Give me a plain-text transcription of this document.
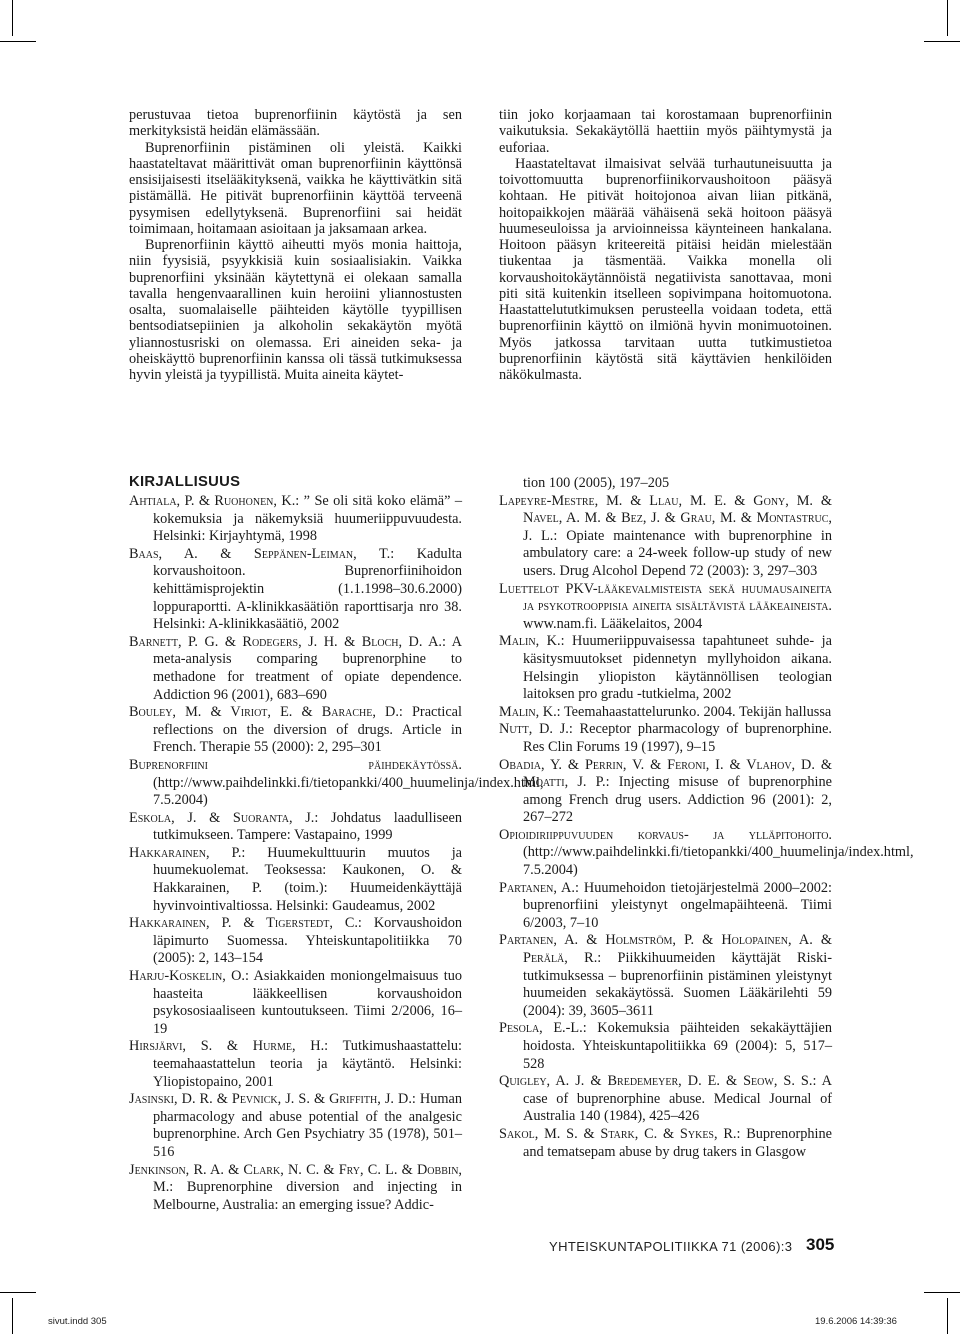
perustuvaa tietoa buprenorfiinin käytöstä ja sen merkityksistä heidän elämässään.

Buprenorfiinin pistäminen oli yleistä. Kaikki haastateltavat määrittivät oman buprenorfiinin käyttönsä ensisijaisesti itselääkityksenä, vaikka he käyttivätkin sitä pistämällä. He pitivät buprenorfiinin käyttöä terveenä pysymisen edellytyksenä. Buprenorfiini sai heidät toimimaan, hoitamaan asioitaan ja jaksamaan arkea.

Buprenorfiinin käyttö aiheutti myös monia haittoja, niin fyysisiä, psyykkisiä kuin sosiaalisiakin. Vaikka buprenorfiini yksinään käytettynä ei olekaan samalla tavalla hengenvaarallinen kuin heroiini yliannostusten osalta, suomalaiselle päihteiden käytölle tyypillisen bentsodiatsepiinien ja alkoholin sekakäytön myötä yliannostusriski on olemassa. Eri aineiden seka- ja oheiskäyttö buprenorfiinin kanssa oli tässä tutkimuksessa hyvin yleistä ja tyypillistä. Muita aineita käytet-

tiin joko korjaamaan tai korostamaan buprenorfiinin vaikutuksia. Sekakäytöllä haettiin myös päihtymystä ja euforiaa.

Haastateltavat ilmaisivat selvää turhautuneisuutta ja toivottomuutta buprenorfiinikorvaushoitoon pääsyä kohtaan. He pitivät hoitojonoa aivan liian pitkänä, hoitopaikkojen määrää vähäisenä sekä hoitoon pääsyä huumeseuloissa ja arvioinneissa käynteineen hankalana. Hoitoon pääsyn kriteereitä pitäisi heidän mielestään tiukentaa ja täsmentää. Vaikka monella oli korvaushoitokäytännöistä negatiivista sanottavaa, moni piti sitä kuitenkin itselleen sopivimpana hoitomuotona. Haastattelututkimuksen perusteella voidaan todeta, että buprenorfiinin käyttö on ilmiönä hyvin monimuotoinen. Myös jatkossa tarvitaan uutta tutkimustietoa buprenorfiinin käytöstä sitä käyttävien henkilöiden näkökulmasta.

KIRJALLISUUS
Ahtiala, P. & Ruohonen, K.: ” Se oli sitä koko elämä” – kokemuksia ja näkemyksiä huumeriippuvuudesta. Helsinki: Kirjayhtymä, 1998
Baas, A. & Seppänen-Leiman, T.: Kadulta korvaushoitoon. Buprenorfiinihoidon kehittämisprojektin (1.1.1998–30.6.2000) loppuraportti. A-klinikkasäätiön raporttisarja nro 38. Helsinki: A-klinikkasäätiö, 2002
Barnett, P. G. & Rodegers, J. H. & Bloch, D. A.: A meta-analysis comparing buprenorphine to methadone for treatment of opiate dependence. Addiction 96 (2001), 683–690
Bouley, M. & Viriot, E. & Barache, D.: Practical reflections on the diversion of drugs. Article in French. Therapie 55 (2000): 2, 295–301
Buprenorfiini päihdekäytössä. (http://www.paihdelinkki.fi/tietopankki/400_huumelinja/index.html, 7.5.2004)
Eskola, J. & Suoranta, J.: Johdatus laadulliseen tutkimukseen. Tampere: Vastapaino, 1999
Hakkarainen, P.: Huumekulttuurin muutos ja huumekuolemat. Teoksessa: Kaukonen, O. & Hakkarainen, P. (toim.): Huumeidenkäyttäjä hyvinvointivaltiossa. Helsinki: Gaudeamus, 2002
Hakkarainen, P. & Tigerstedt, C.: Korvaushoidon läpimurto Suomessa. Yhteiskuntapolitiikka 70 (2005): 2, 143–154
Harju-Koskelin, O.: Asiakkaiden moniongelmaisuus tuo haasteita lääkkeellisen korvaushoidon psykososiaaliseen kuntoutukseen. Tiimi 2/2006, 16–19
Hirsjärvi, S. & Hurme, H.: Tutkimushaastattelu: teemahaastattelun teoria ja käytäntö. Helsinki: Yliopistopaino, 2001
Jasinski, D. R. & Pevnick, J. S. & Griffith, J. D.: Human pharmacology and abuse potential of the analgesic buprenorphine. Arch Gen Psychiatry 35 (1978), 501–516
Jenkinson, R. A. & Clark, N. C. & Fry, C. L. & Dobbin, M.: Buprenorphine diversion and injecting in Melbourne, Australia: an emerging issue? Addic-
tion 100 (2005), 197–205
Lapeyre-Mestre, M. & Llau, M. E. & Gony, M. & Navel, A. M. & Bez, J. & Grau, M. & Montastruc, J. L.: Opiate maintenance with buprenorphine in ambulatory care: a 24-week follow-up study of new users. Drug Alcohol Depend 72 (2003): 3, 297–303
Luettelot PKV-lääkevalmisteista sekä huumausaineita ja psykotrooppisia aineita sisältävistä lääkeaineista. www.nam.fi. Lääkelaitos, 2004
Malin, K.: Huumeriippuvaisessa tapahtuneet suhde- ja käsitysmuutokset pidennetyn myllyhoidon aikana. Helsingin yliopiston käytännöllisen teologian laitoksen pro gradu -tutkielma, 2002
Malin, K.: Teemahaastattelurunko. 2004. Tekijän hallussa
Nutt, D. J.: Receptor pharmacology of buprenorphine. Res Clin Forums 19 (1997), 9–15
Obadia, Y. & Perrin, V. & Feroni, I. & Vlahov, D. & Moatti, J. P.: Injecting misuse of buprenorphine among French drug users. Addiction 96 (2001): 2, 267–272
Opioidiriippuvuuden korvaus- ja ylläpitohoito. (http://www.paihdelinkki.fi/tietopankki/400_huumelinja/index.html, 7.5.2004)
Partanen, A.: Huumehoidon tietojärjestelmä 2000–2002: buprenorfiini yleistynyt ongelmapäihteenä. Tiimi 6/2003, 7–10
Partanen, A. & Holmström, P. & Holopainen, A. & Perälä, R.: Piikkihuumeiden käyttäjät Riski-tutkimuksessa – buprenorfiinin pistäminen yleistynyt huumeiden sekakäytössä. Suomen Lääkärilehti 59 (2004): 39, 3605–3611
Pesola, E.-L.: Kokemuksia päihteiden sekakäyttäjien hoidosta. Yhteiskuntapolitiikka 69 (2004): 5, 517–528
Quigley, A. J. & Bredemeyer, D. E. & Seow, S. S.: A case of buprenorphine abuse. Medical Journal of Australia 140 (1984), 425–426
Sakol, M. S. & Stark, C. & Sykes, R.: Buprenorphine and tematsepam abuse by drug takers in Glasgow
YHTEISKUNTAPOLITIIKKA 71 (2006):3 305
sivut.indd 305	19.6.2006 14:39:36
